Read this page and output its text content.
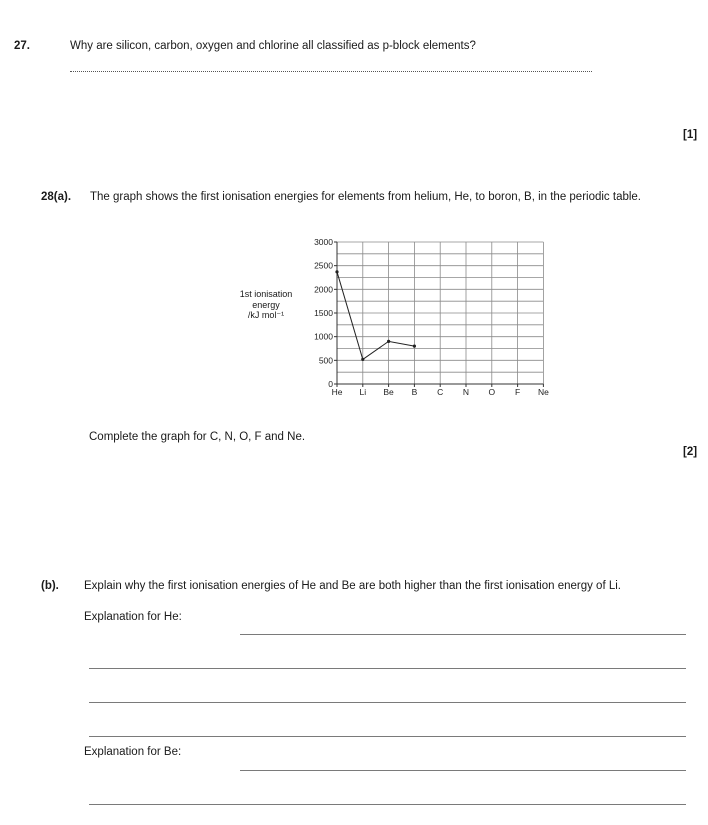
27.	Why are silicon, carbon, oxygen and chlorine all classified as p-block elements?
[1]
28(a). The graph shows the first ionisation energies for elements from helium, He, to boron, B, in the periodic table.
1st ionisation
energy
/kJ mol⁻¹
0
500
1000
1500
2000
2500
3000
He Li Be B C N O F Ne
Complete the graph for C, N, O, F and Ne.
[2]
(b). Explain why the first ionisation energies of He and Be are both higher than the first ionisation energy of Li.
Explanation for He:
Explanation for Be:
